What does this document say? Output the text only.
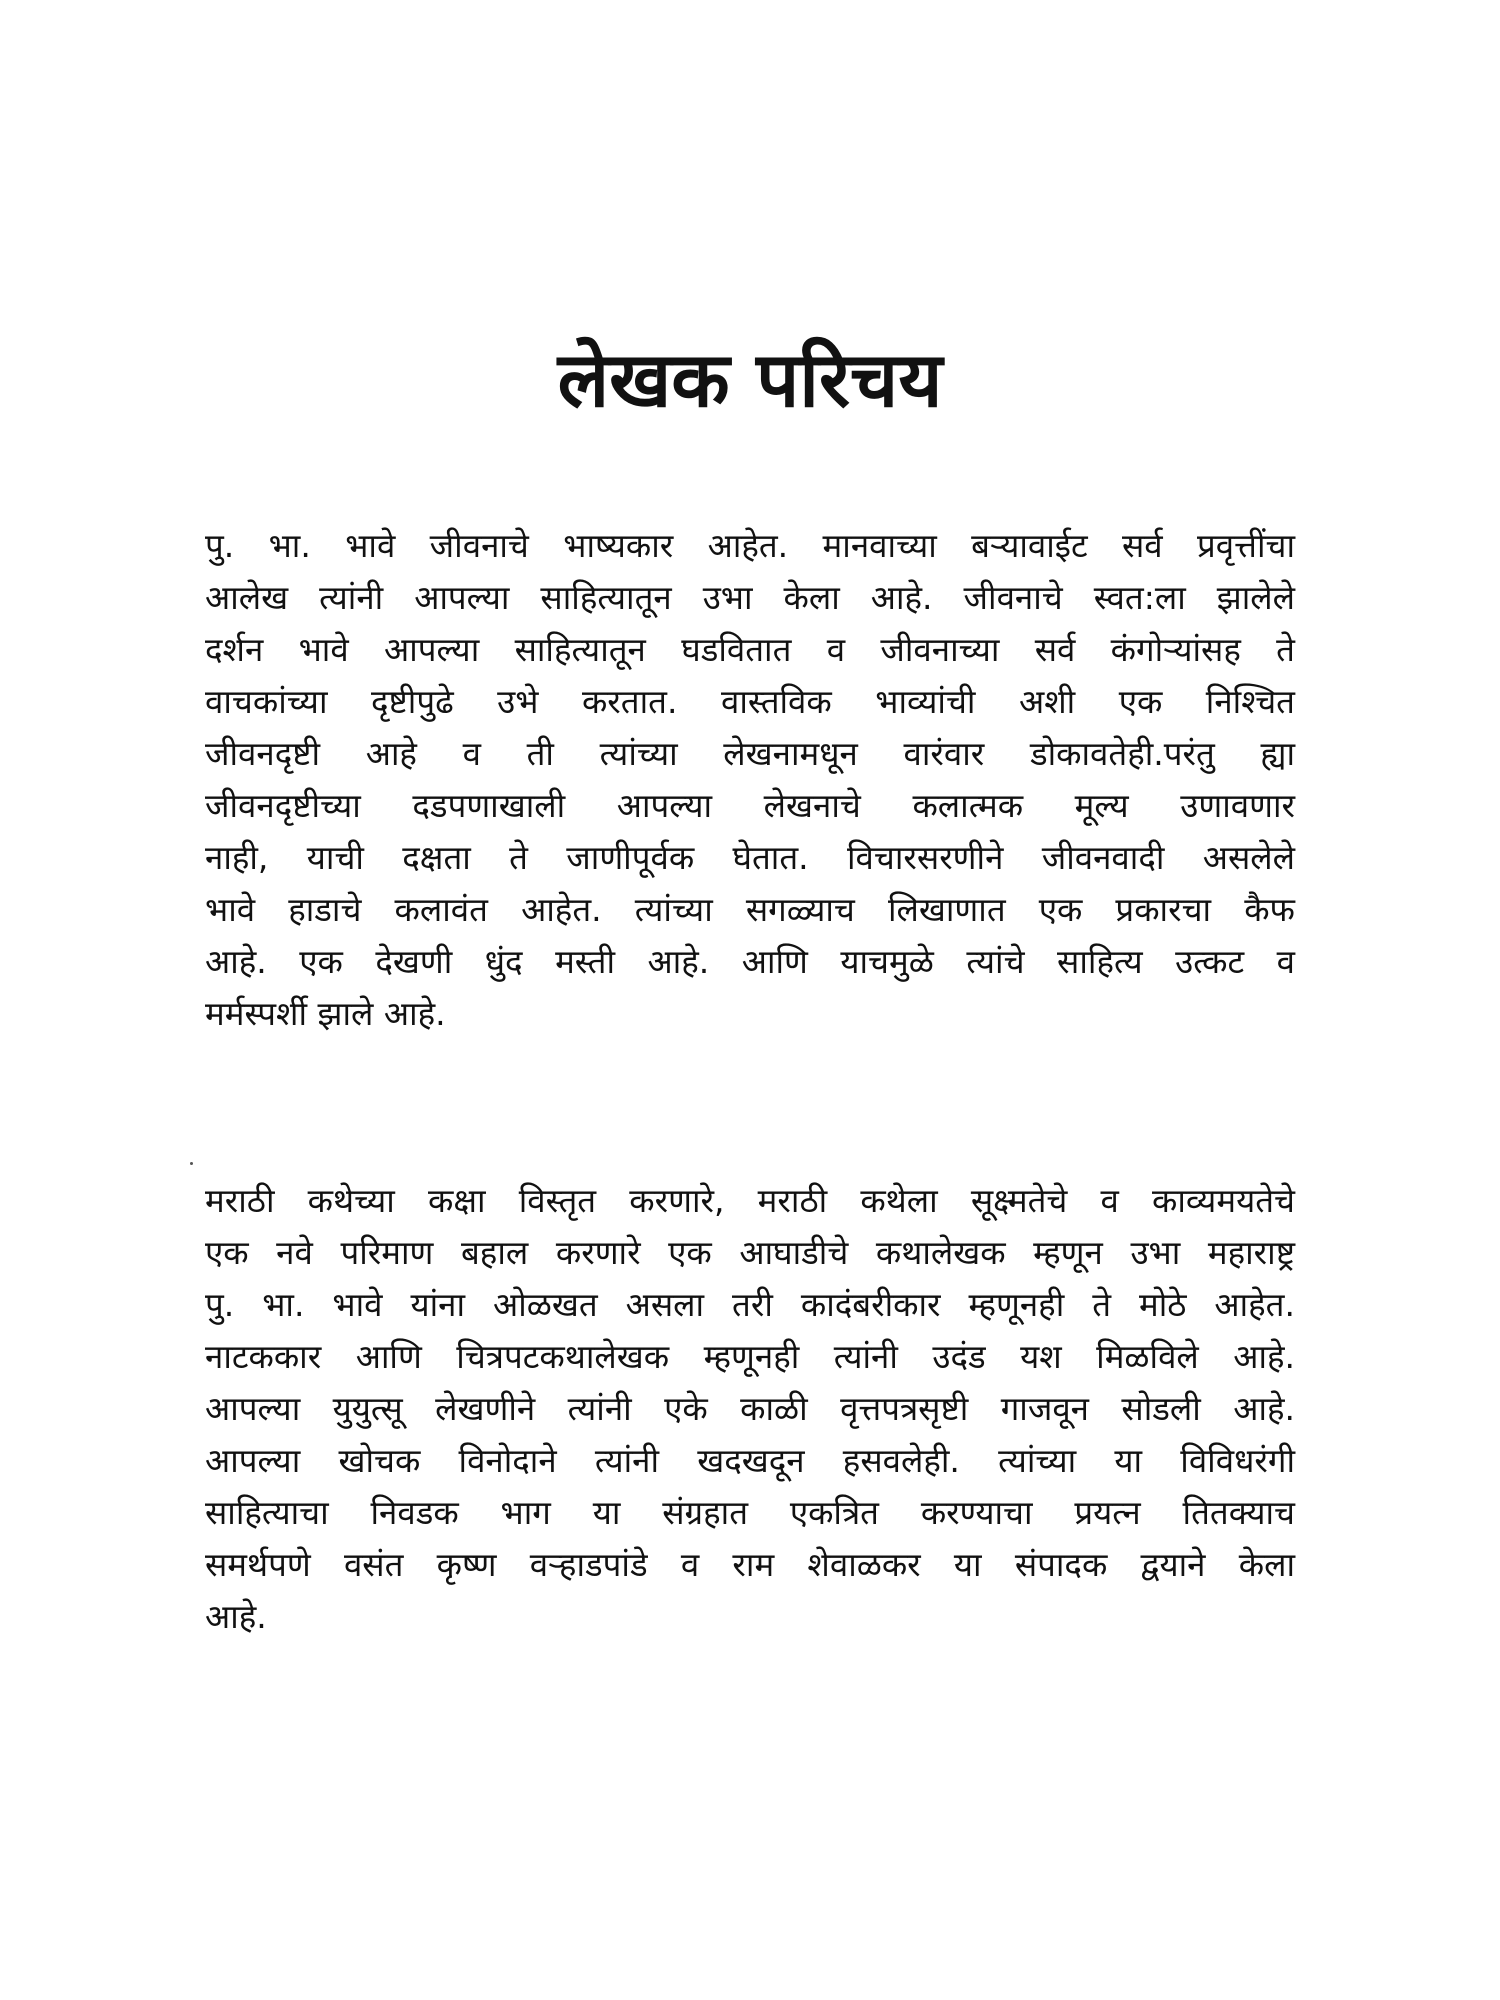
लेखक परिचय
पु. भा. भावे जीवनाचे भाष्यकार आहेत. मानवाच्या बऱ्यावाईट सर्व प्रवृत्तींचा
आलेख त्यांनी आपल्या साहित्यातून उभा केला आहे. जीवनाचे स्वत:ला झालेले
दर्शन भावे आपल्या साहित्यातून घडवितात व जीवनाच्या सर्व कंगोऱ्यांसह ते
वाचकांच्या दृष्टीपुढे उभे करतात. वास्तविक भाव्यांची अशी एक निश्चित
जीवनदृष्टी आहे व ती त्यांच्या लेखनामधून वारंवार डोकावतेही.परंतु ह्या
जीवनदृष्टीच्या दडपणाखाली आपल्या लेखनाचे कलात्मक मूल्य उणावणार
नाही, याची दक्षता ते जाणीपूर्वक घेतात. विचारसरणीने जीवनवादी असलेले
भावे हाडाचे कलावंत आहेत. त्यांच्या सगळ्याच लिखाणात एक प्रकारचा कैफ
आहे. एक देखणी धुंद मस्ती आहे. आणि याचमुळे त्यांचे साहित्य उत्कट व
मर्मस्पर्शी झाले आहे.
मराठी कथेच्या कक्षा विस्तृत करणारे, मराठी कथेला सूक्ष्मतेचे व काव्यमयतेचे
एक नवे परिमाण बहाल करणारे एक आघाडीचे कथालेखक म्हणून उभा महाराष्ट्र
पु. भा. भावे यांना ओळखत असला तरी कादंबरीकार म्हणूनही ते मोठे आहेत.
नाटककार आणि चित्रपटकथालेखक म्हणूनही त्यांनी उदंड यश मिळविले आहे.
आपल्या युयुत्सू लेखणीने त्यांनी एके काळी वृत्तपत्रसृष्टी गाजवून सोडली आहे.
आपल्या खोचक विनोदाने त्यांनी खदखदून हसवलेही. त्यांच्या या विविधरंगी
साहित्याचा निवडक भाग या संग्रहात एकत्रित करण्याचा प्रयत्न तितक्याच
समर्थपणे वसंत कृष्ण वऱ्हाडपांडे व राम शेवाळकर या संपादक द्वयाने केला
आहे.
